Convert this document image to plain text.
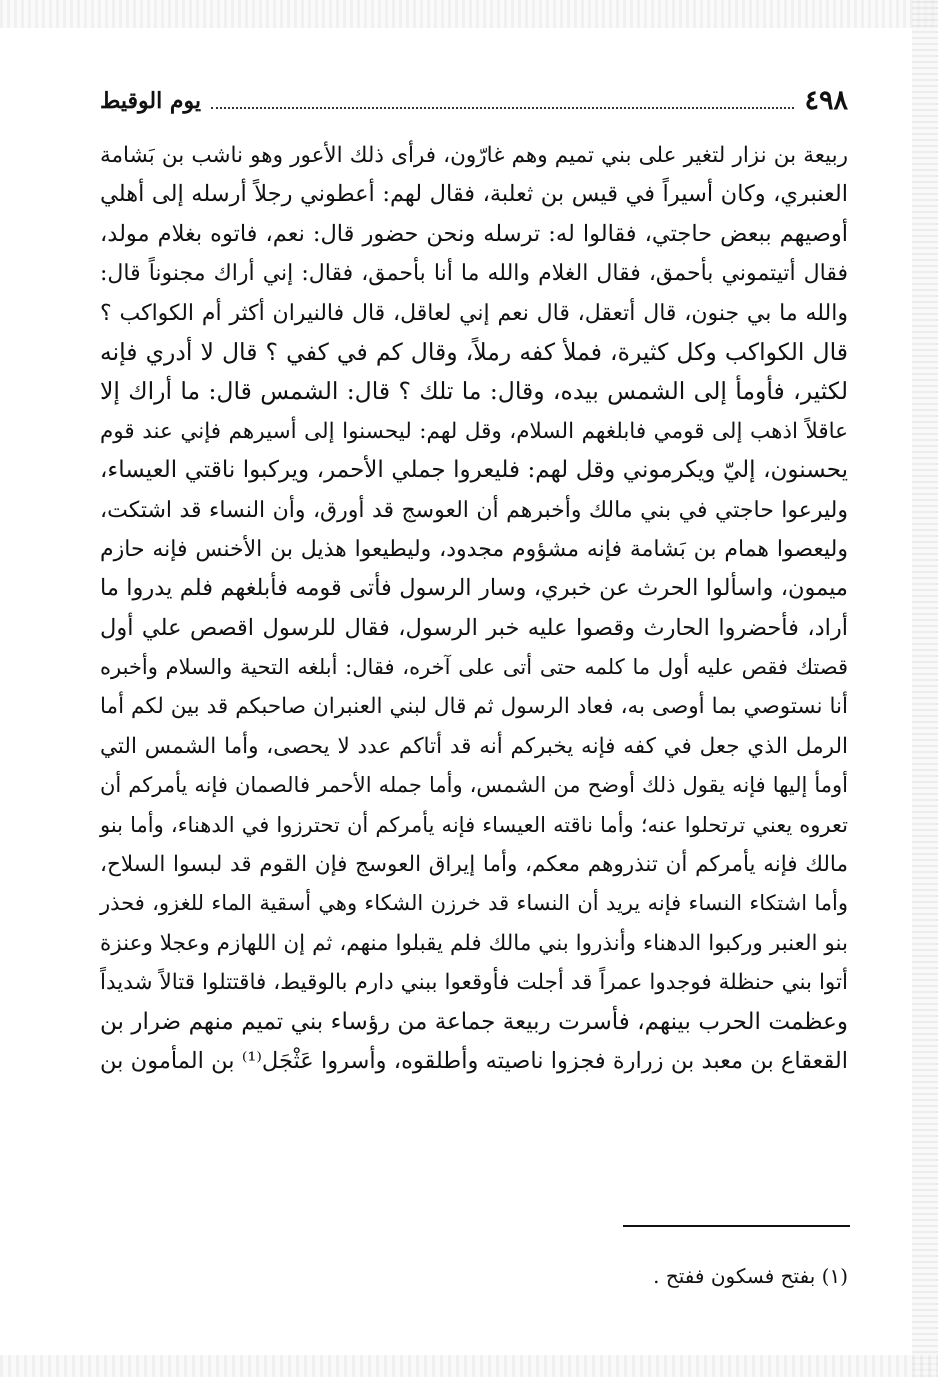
٤٩٨
يوم الوقيط
ربيعة بن نزار لتغير على بني تميم وهم غارّون، فرأى ذلك الأعور وهو ناشب بن بَشامة
العنبري، وكان أسيراً في قيس بن ثعلبة، فقال لهم: أعطوني رجلاً أرسله إلى أهلي
أوصيهم ببعض حاجتي، فقالوا له: ترسله ونحن حضور قال: نعم، فاتوه بغلام مولد،
فقال أتيتموني بأحمق، فقال الغلام والله ما أنا بأحمق، فقال: إني أراك مجنوناً قال:
والله ما بي جنون، قال أتعقل، قال نعم إني لعاقل، قال فالنيران أكثر أم الكواكب ؟
قال الكواكب وكل كثيرة، فملأ كفه رملاً، وقال كم في كفي ؟ قال لا أدري فإنه
لكثير، فأومأ إلى الشمس بيده، وقال: ما تلك ؟ قال: الشمس قال: ما أراك إلا
عاقلاً اذهب إلى قومي فابلغهم السلام، وقل لهم: ليحسنوا إلى أسيرهم فإني عند قوم
يحسنون، إليّ ويكرموني وقل لهم: فليعروا جملي الأحمر، ويركبوا ناقتي العيساء،
وليرعوا حاجتي في بني مالك وأخبرهم أن العوسج قد أورق، وأن النساء قد اشتكت،
وليعصوا همام بن بَشامة فإنه مشؤوم مجدود، وليطيعوا هذيل بن الأخنس فإنه حازم
ميمون، واسألوا الحرث عن خبري، وسار الرسول فأتى قومه فأبلغهم فلم يدروا ما
أراد، فأحضروا الحارث وقصوا عليه خبر الرسول، فقال للرسول اقصص علي أول
قصتك فقص عليه أول ما كلمه حتى أتى على آخره، فقال: أبلغه التحية والسلام وأخبره
أنا نستوصي بما أوصى به، فعاد الرسول ثم قال لبني العنبران صاحبكم قد بين لكم أما
الرمل الذي جعل في كفه فإنه يخبركم أنه قد أتاكم عدد لا يحصى، وأما الشمس التي
أومأ إليها فإنه يقول ذلك أوضح من الشمس، وأما جمله الأحمر فالصمان فإنه يأمركم أن
تعروه يعني ترتحلوا عنه؛ وأما ناقته العيساء فإنه يأمركم أن تحترزوا في الدهناء، وأما بنو
مالك فإنه يأمركم أن تنذروهم معكم، وأما إيراق العوسج فإن القوم قد لبسوا السلاح،
وأما اشتكاء النساء فإنه يريد أن النساء قد خرزن الشكاء وهي أسقية الماء للغزو، فحذر
بنو العنبر وركبوا الدهناء وأنذروا بني مالك فلم يقبلوا منهم، ثم إن اللهازم وعجلا وعنزة
أتوا بني حنظلة فوجدوا عمراً قد أجلت فأوقعوا ببني دارم بالوقيط، فاقتتلوا قتالاً شديداً
وعظمت الحرب بينهم، فأسرت ربيعة جماعة من رؤساء بني تميم منهم ضرار بن
القعقاع بن معبد بن زرارة فجزوا ناصيته وأطلقوه، وأسروا عَثْجَل⁽¹⁾ بن المأمون بن
(١) بفتح فسكون ففتح .
